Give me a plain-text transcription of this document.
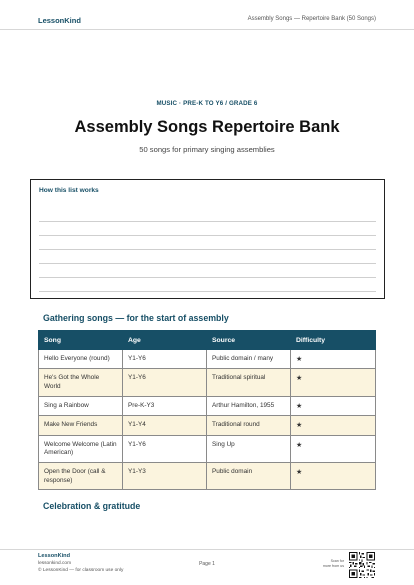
LessonKind	Assembly Songs — Repertoire Bank (50 Songs)
MUSIC · PRE-K TO Y6 / GRADE 6
Assembly Songs Repertoire Bank
50 songs for primary singing assemblies
How this list works
Gathering songs — for the start of assembly
Song	Age	Source	Difficulty
Hello Everyone (round)	Y1-Y6	Public domain / many	★
He's Got the Whole World	Y1-Y6	Traditional spiritual	★
Sing a Rainbow	Pre-K-Y3	Arthur Hamilton, 1955	★
Make New Friends	Y1-Y4	Traditional round	★
Welcome Welcome (Latin American)	Y1-Y6	Sing Up	★
Open the Door (call & response)	Y1-Y3	Public domain	★
Celebration & gratitude
LessonKind
lessonkind.com
© LessonKind — for classroom use only
Page 1	Scan for
more from us
